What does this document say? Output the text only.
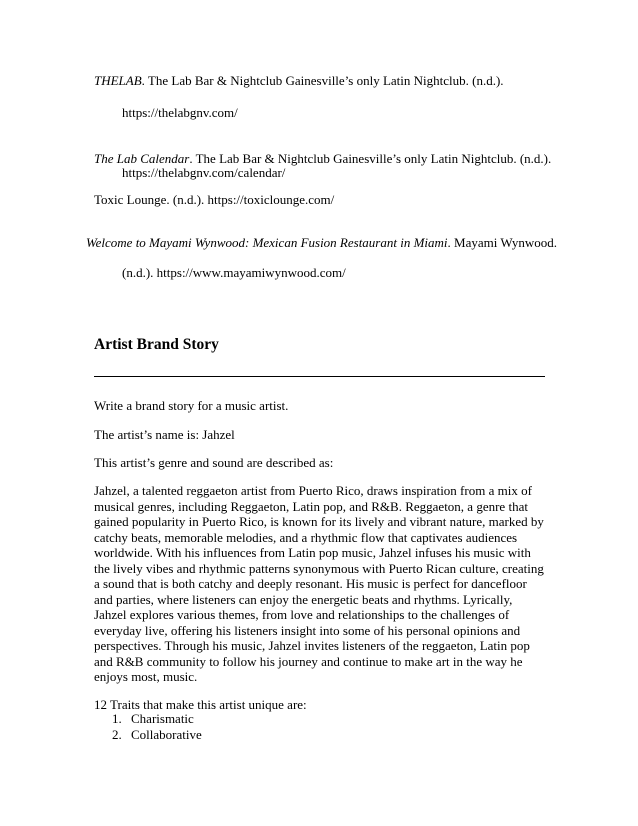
THELAB. The Lab Bar & Nightclub Gainesville’s only Latin Nightclub. (n.d.).
https://thelabgnv.com/
The Lab Calendar. The Lab Bar & Nightclub Gainesville’s only Latin Nightclub. (n.d.).
https://thelabgnv.com/calendar/
Toxic Lounge. (n.d.). https://toxiclounge.com/
Welcome to Mayami Wynwood: Mexican Fusion Restaurant in Miami. Mayami Wynwood.
(n.d.). https://www.mayamiwynwood.com/
Artist Brand Story
Write a brand story for a music artist.
The artist’s name is: Jahzel
This artist’s genre and sound are described as:
Jahzel, a talented reggaeton artist from Puerto Rico, draws inspiration from a mix of musical genres, including Reggaeton, Latin pop, and R&B. Reggaeton, a genre that gained popularity in Puerto Rico, is known for its lively and vibrant nature, marked by catchy beats, memorable melodies, and a rhythmic flow that captivates audiences worldwide. With his influences from Latin pop music, Jahzel infuses his music with the lively vibes and rhythmic patterns synonymous with Puerto Rican culture, creating a sound that is both catchy and deeply resonant. His music is perfect for dancefloor and parties, where listeners can enjoy the energetic beats and rhythms. Lyrically, Jahzel explores various themes, from love and relationships to the challenges of everyday live, offering his listeners insight into some of his personal opinions and perspectives. Through his music, Jahzel invites listeners of the reggaeton, Latin pop and R&B community to follow his journey and continue to make art in the way he enjoys most, music.
12 Traits that make this artist unique are:
1. Charismatic
2. Collaborative
